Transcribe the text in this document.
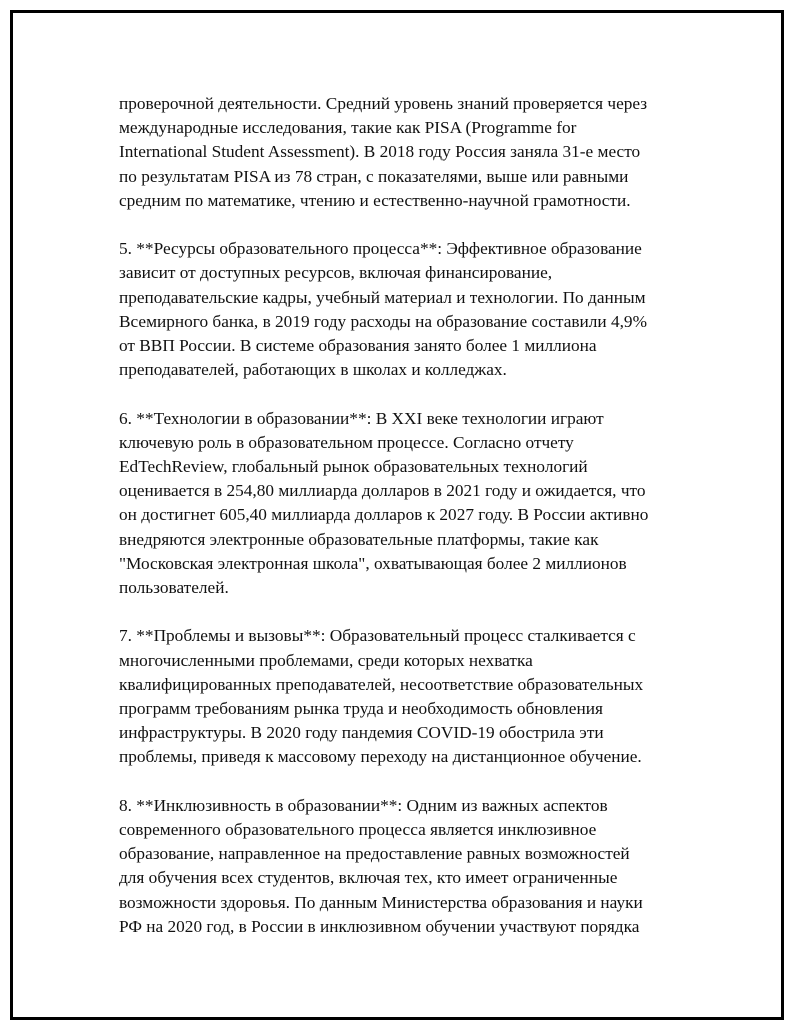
проверочной деятельности. Средний уровень знаний проверяется через
международные исследования, такие как PISA (Programme for
International Student Assessment). В 2018 году Россия заняла 31-е место
по результатам PISA из 78 стран, с показателями, выше или равными
средним по математике, чтению и естественно-научной грамотности.
5. **Ресурсы образовательного процесса**: Эффективное образование
зависит от доступных ресурсов, включая финансирование,
преподавательские кадры, учебный материал и технологии. По данным
Всемирного банка, в 2019 году расходы на образование составили 4,9%
от ВВП России. В системе образования занято более 1 миллиона
преподавателей, работающих в школах и колледжах.
6. **Технологии в образовании**: В XXI веке технологии играют
ключевую роль в образовательном процессе. Согласно отчету
EdTechReview, глобальный рынок образовательных технологий
оценивается в 254,80 миллиарда долларов в 2021 году и ожидается, что
он достигнет 605,40 миллиарда долларов к 2027 году. В России активно
внедряются электронные образовательные платформы, такие как
"Московская электронная школа", охватывающая более 2 миллионов
пользователей.
7. **Проблемы и вызовы**: Образовательный процесс сталкивается с
многочисленными проблемами, среди которых нехватка
квалифицированных преподавателей, несоответствие образовательных
программ требованиям рынка труда и необходимость обновления
инфраструктуры. В 2020 году пандемия COVID-19 обострила эти
проблемы, приведя к массовому переходу на дистанционное обучение.
8. **Инклюзивность в образовании**: Одним из важных аспектов
современного образовательного процесса является инклюзивное
образование, направленное на предоставление равных возможностей
для обучения всех студентов, включая тех, кто имеет ограниченные
возможности здоровья. По данным Министерства образования и науки
РФ на 2020 год, в России в инклюзивном обучении участвуют порядка
